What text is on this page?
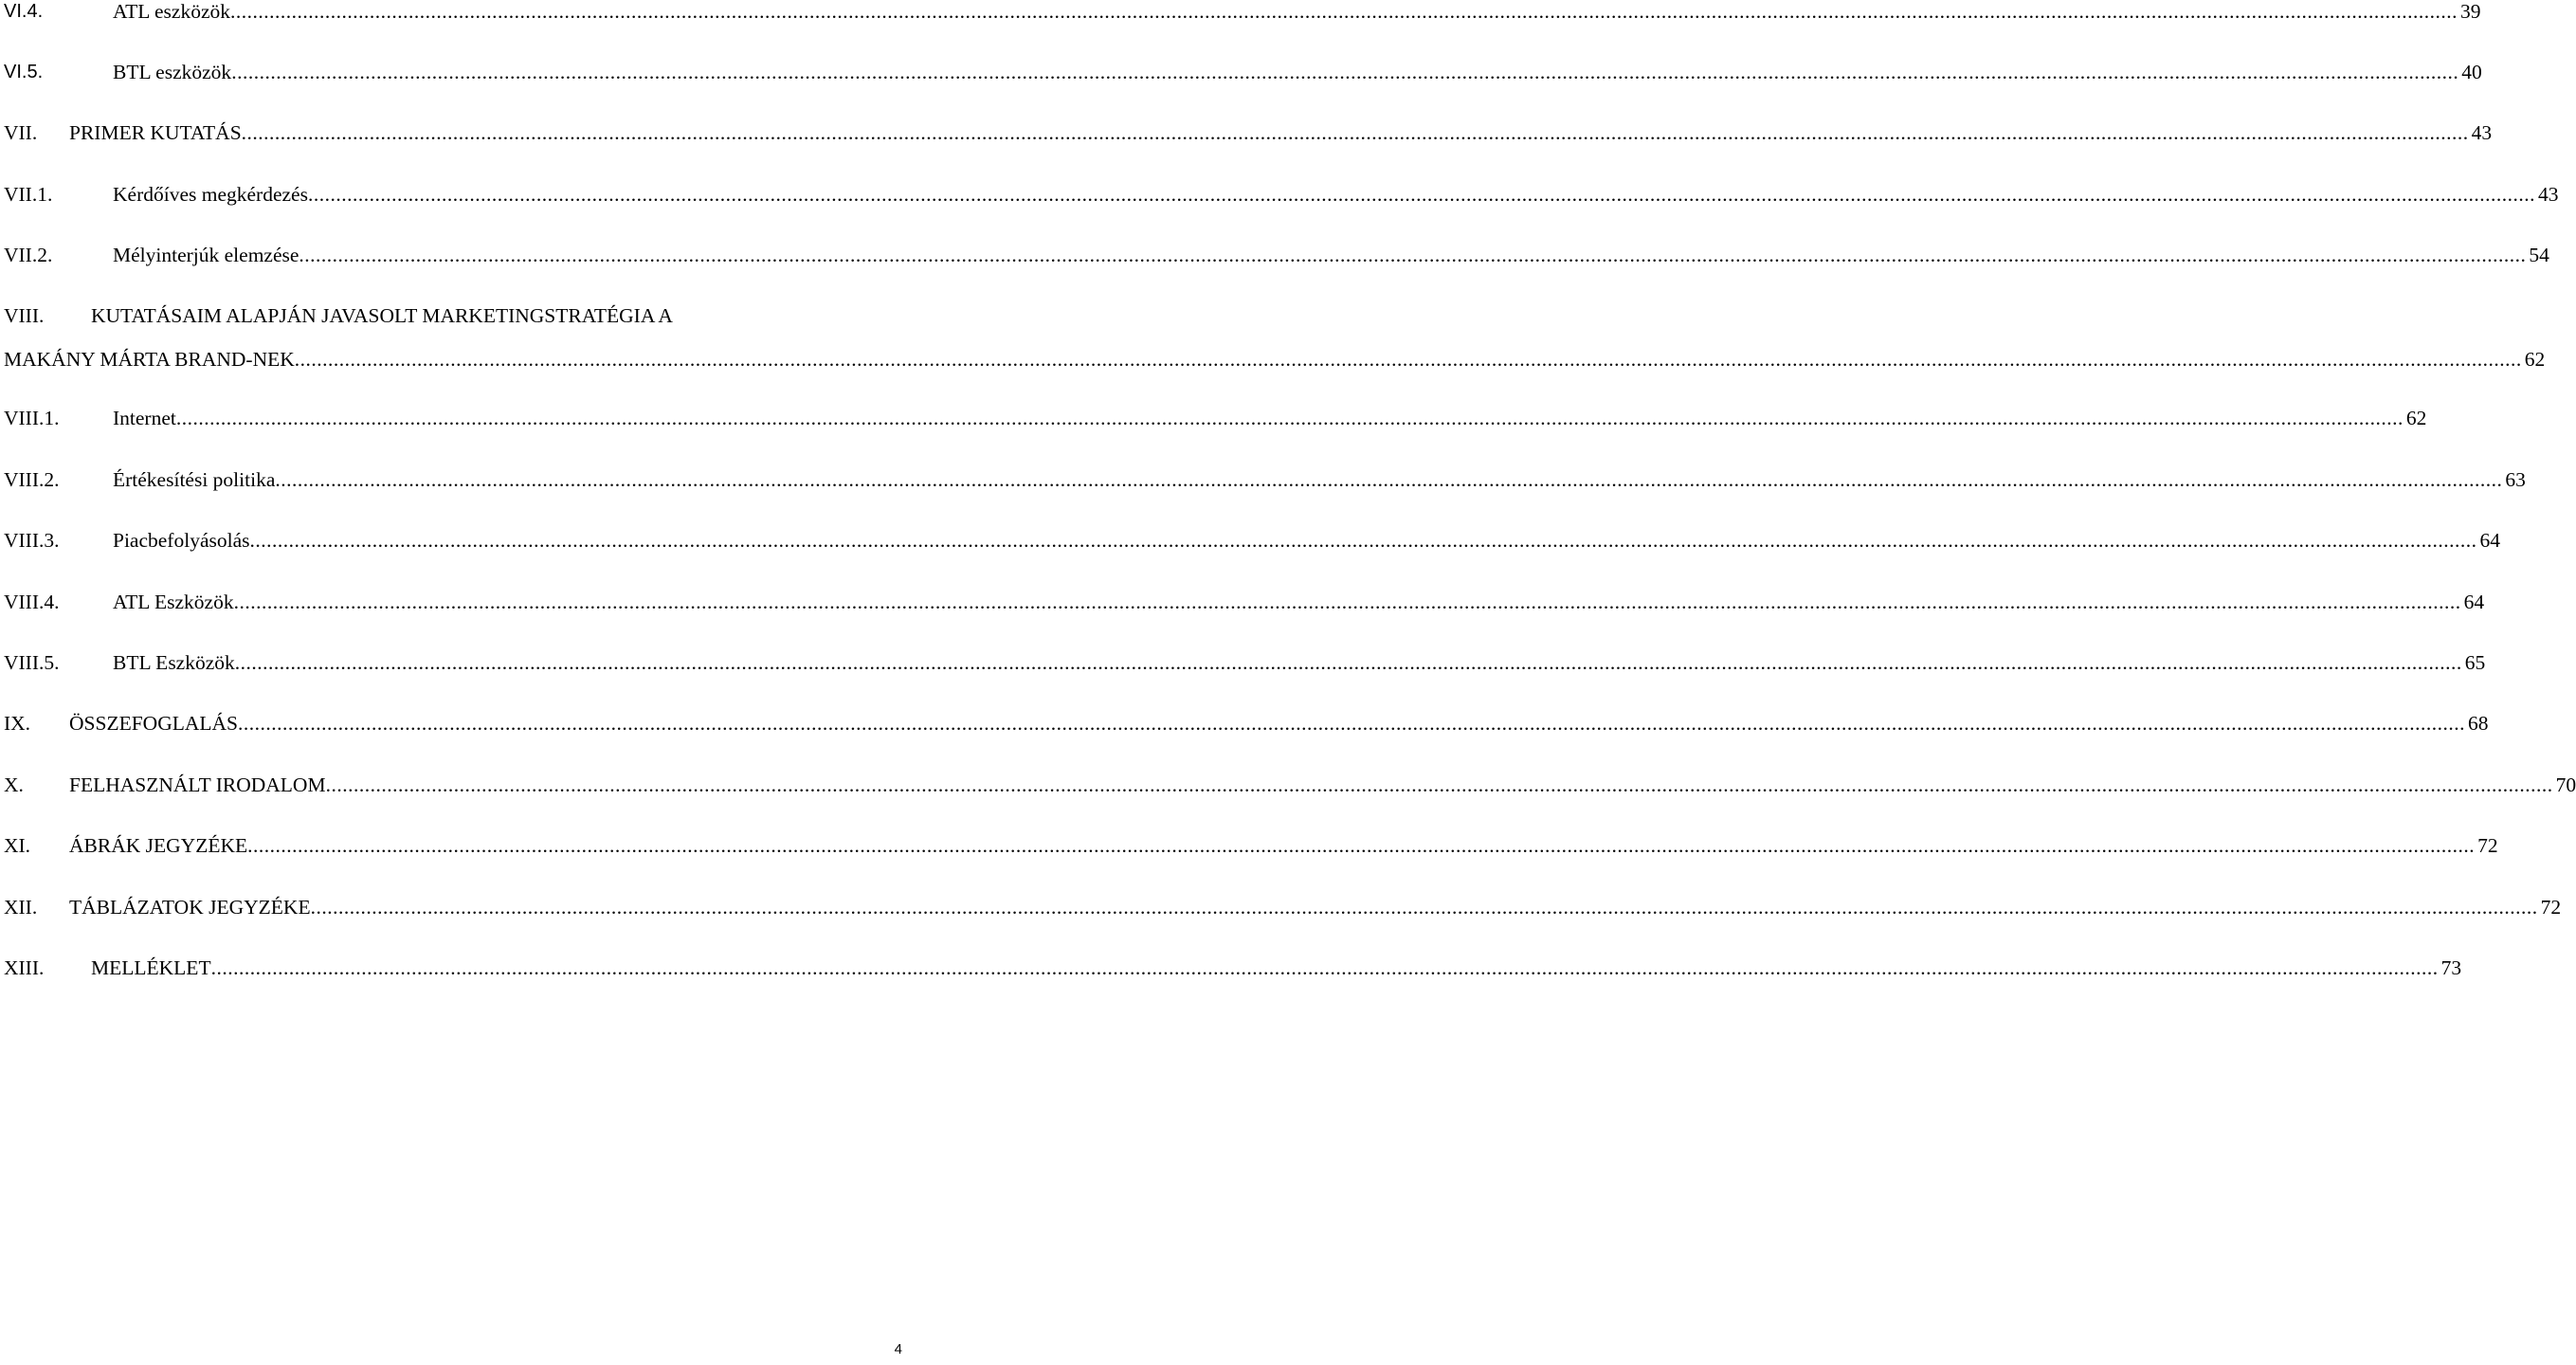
VI.4.	ATL eszközök ................................................................................................................................................................................................................................................................................................................................................................................................................ 39
VI.5.	BTL eszközök ................................................................................................................................................................................................................................................................................................................................................................................................................ 40
VII. PRIMER KUTATÁS ................................................................................................................................................................................................................................................................................................................................................................................................................ 43
VII.1.	Kérdőíves megkérdezés ................................................................................................................................................................................................................................................................................................................................................................................................................ 43
VII.2.	Mélyinterjúk elemzése ................................................................................................................................................................................................................................................................................................................................................................................................................ 54
VIII. KUTATÁSAIM ALAPJÁN JAVASOLT MARKETINGSTRATÉGIA A
MAKÁNY MÁRTA BRAND-NEK ................................................................................................................................................................................................................................................................................................................................................................................................................ 62
VIII.1.	Internet ................................................................................................................................................................................................................................................................................................................................................................................................................ 62
VIII.2.	Értékesítési politika ................................................................................................................................................................................................................................................................................................................................................................................................................ 63
VIII.3.	Piacbefolyásolás ................................................................................................................................................................................................................................................................................................................................................................................................................ 64
VIII.4.	ATL Eszközök ................................................................................................................................................................................................................................................................................................................................................................................................................ 64
VIII.5.	BTL Eszközök ................................................................................................................................................................................................................................................................................................................................................................................................................ 65
IX. ÖSSZEFOGLALÁS ................................................................................................................................................................................................................................................................................................................................................................................................................ 68
X. FELHASZNÁLT IRODALOM ................................................................................................................................................................................................................................................................................................................................................................................................................ 70
XI. ÁBRÁK JEGYZÉKE ................................................................................................................................................................................................................................................................................................................................................................................................................ 72
XII. TÁBLÁZATOK JEGYZÉKE ................................................................................................................................................................................................................................................................................................................................................................................................................ 72
XIII. MELLÉKLET ................................................................................................................................................................................................................................................................................................................................................................................................................ 73
4
